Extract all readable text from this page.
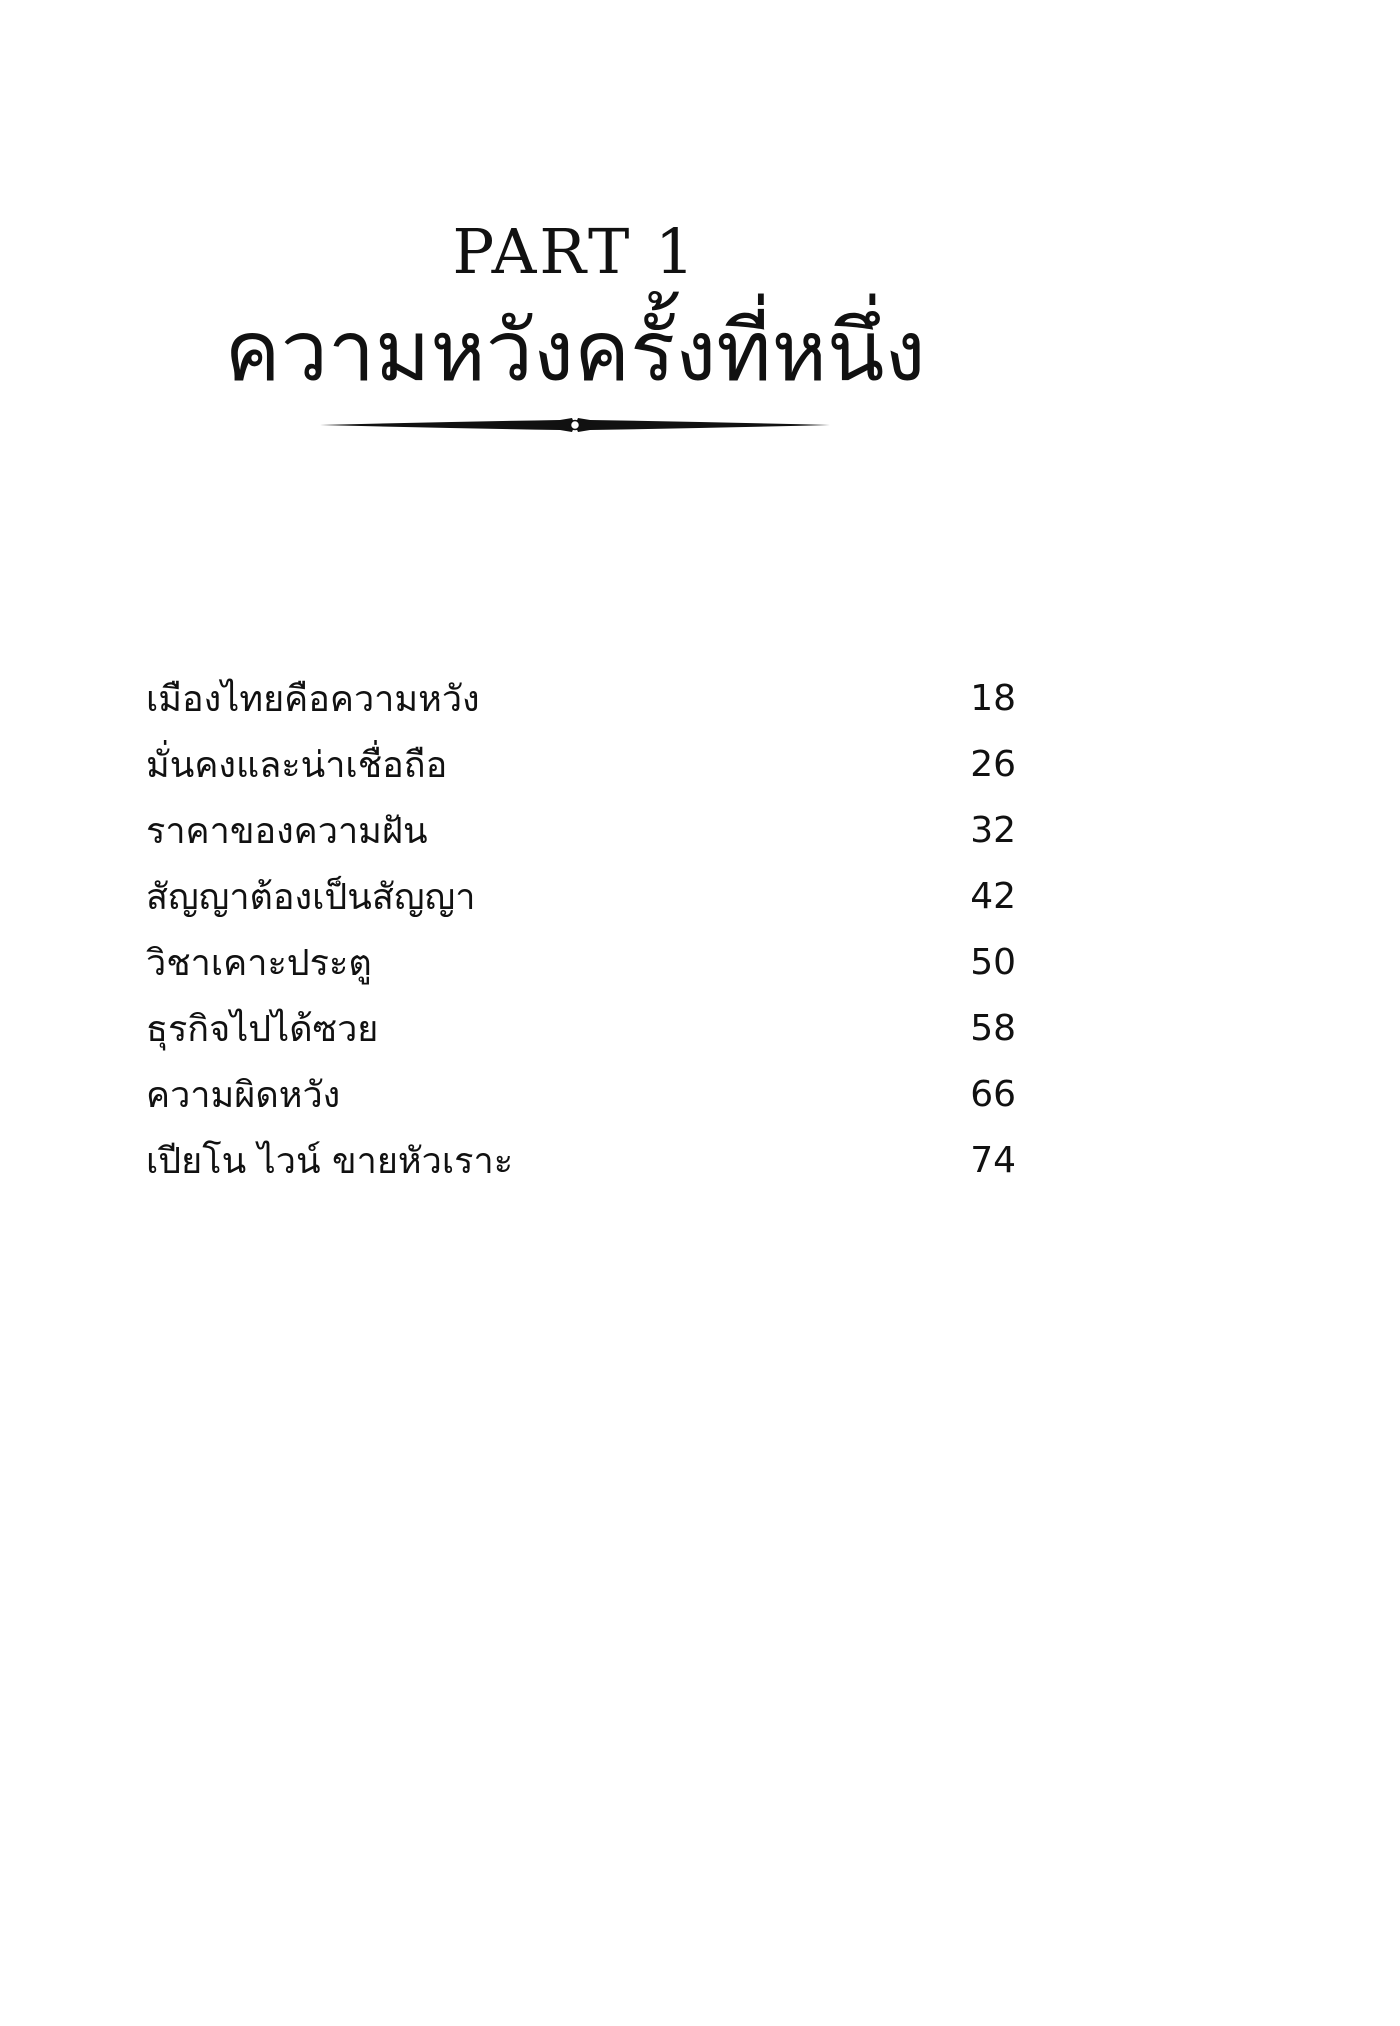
PART 1
ความหวังครั้งที่หนึ่ง
เมืองไทยคือความหวัง	18
มั่นคงและน่าเชื่อถือ	26
ราคาของความฝัน	32
สัญญาต้องเป็นสัญญา	42
วิชาเคาะประตู	50
ธุรกิจไปได้ซวย	58
ความผิดหวัง	66
เปียโน ไวน์ ขายหัวเราะ	74
